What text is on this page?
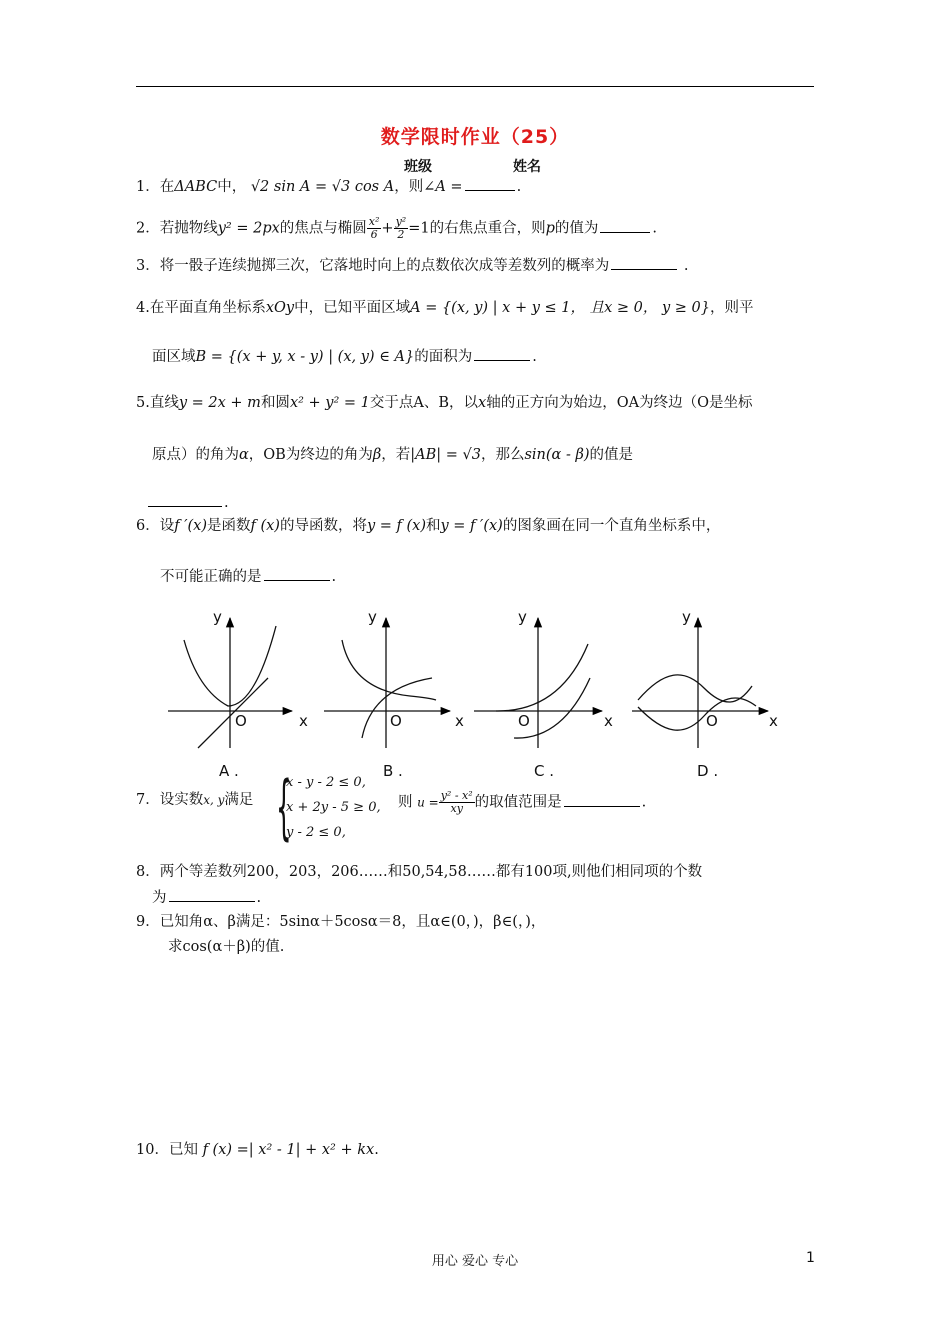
数学限时作业（25）
班级	姓名
1．在ΔABC中， √2 sin A = √3 cos A，则∠A =	.
2．若抛物线y² = 2px的焦点与椭圆 $\frac{\text{x²}}{6} + \frac{\text{y²}}{2} =1$的右焦点重合，则p的值为	.
3．将一骰子连续抛掷三次，它落地时向上的点数依次成等差数列的概率为	.
4.在平面直角坐标系xOy中，已知平面区域A = {(x, y) | x + y ≤ 1， 且x ≥ 0， y ≥ 0}，则平
面区域B = {(x + y, x - y) | (x, y) ∈ A}的面积为	.
5.直线y = 2x + m和圆x² + y² = 1交于点A、B，以x轴的正方向为始边，OA为终边（O是坐标
原点）的角为α，OB为终边的角为β，若|AB| = √3，那么sin(α - β)的值是
.
6．设f ′(x)是函数f (x)的导函数，将y = f (x)和y = f ′(x)的图象画在同一个直角坐标系中，
不可能正确的是	.
y
O	x
A .
y
O	x
B .
y
O	x
C .
y
O	x
D .
7．设实数x, y满足 {
x - y - 2 ≤ 0,
x + 2y - 5 ≥ 0,
y - 2 ≤ 0,
则 $u = \frac{\text{y² - x²}}{xy}$ 的取值范围是	.
8．两个等差数列200，203，206……和50,54,58……都有100项,则他们相同项的个数
为	.
9．已知角α、β满足：5sinα＋5cosα＝8，且α∈(0，)，β∈(，)，
求cos(α＋β)的值.
10．已知 f (x) =| x² - 1| + x² + kx.
用心 爱心 专心	1
